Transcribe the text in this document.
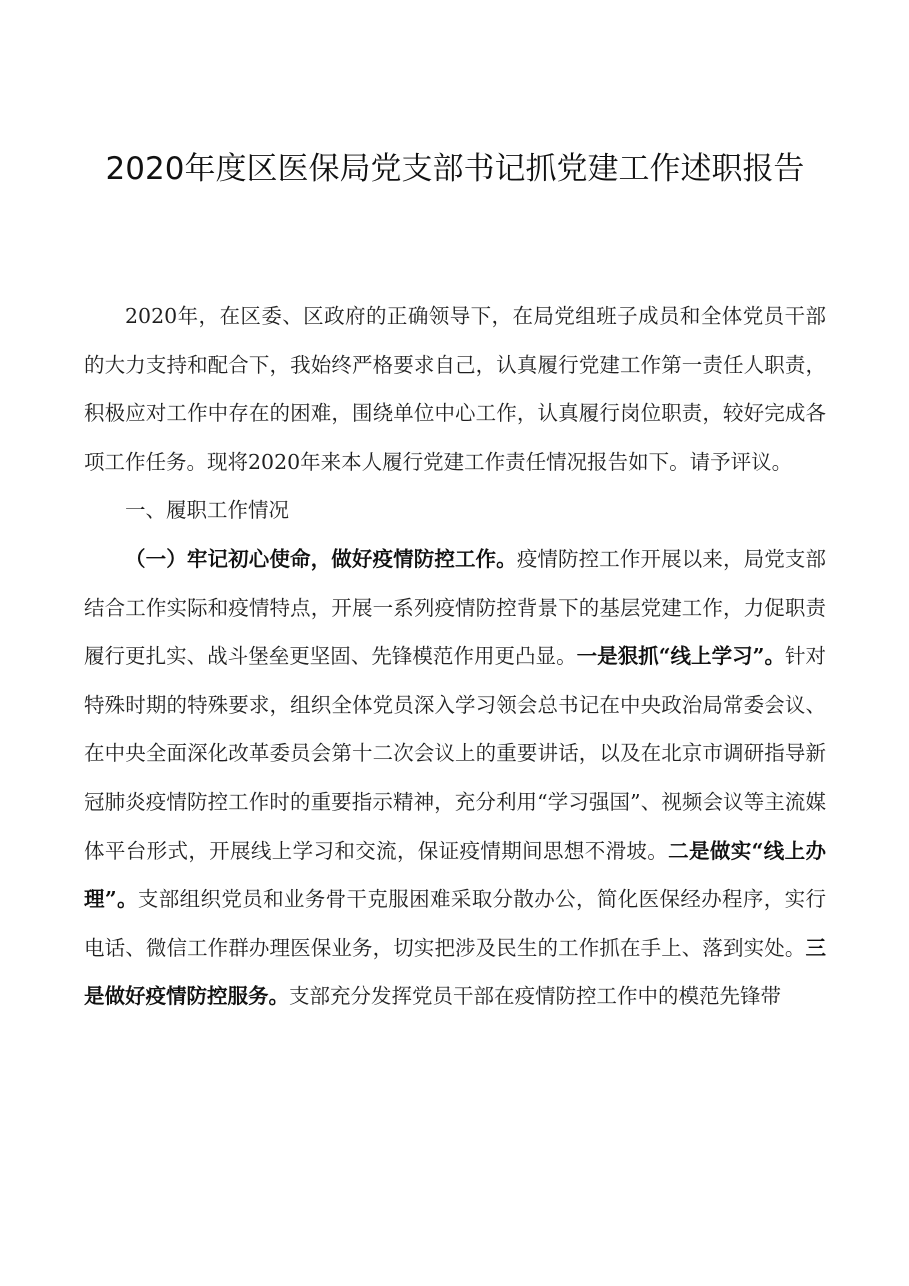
2020年度区医保局党支部书记抓党建工作述职报告

2020年，在区委、区政府的正确领导下，在局党组班子成员和全体党员干部的大力支持和配合下，我始终严格要求自己，认真履行党建工作第一责任人职责，积极应对工作中存在的困难，围绕单位中心工作，认真履行岗位职责，较好完成各项工作任务。现将2020年来本人履行党建工作责任情况报告如下。请予评议。

一、履职工作情况

（一）牢记初心使命，做好疫情防控工作。疫情防控工作开展以来，局党支部结合工作实际和疫情特点，开展一系列疫情防控背景下的基层党建工作，力促职责履行更扎实、战斗堡垒更坚固、先锋模范作用更凸显。一是狠抓“线上学习”。针对特殊时期的特殊要求，组织全体党员深入学习领会总书记在中央政治局常委会议、在中央全面深化改革委员会第十二次会议上的重要讲话，以及在北京市调研指导新冠肺炎疫情防控工作时的重要指示精神，充分利用“学习强国”、视频会议等主流媒体平台形式，开展线上学习和交流，保证疫情期间思想不滑坡。二是做实“线上办理”。支部组织党员和业务骨干克服困难采取分散办公，简化医保经办程序，实行电话、微信工作群办理医保业务，切实把涉及民生的工作抓在手上、落到实处。三是做好疫情防控服务。支部充分发挥党员干部在疫情防控工作中的模范先锋带
